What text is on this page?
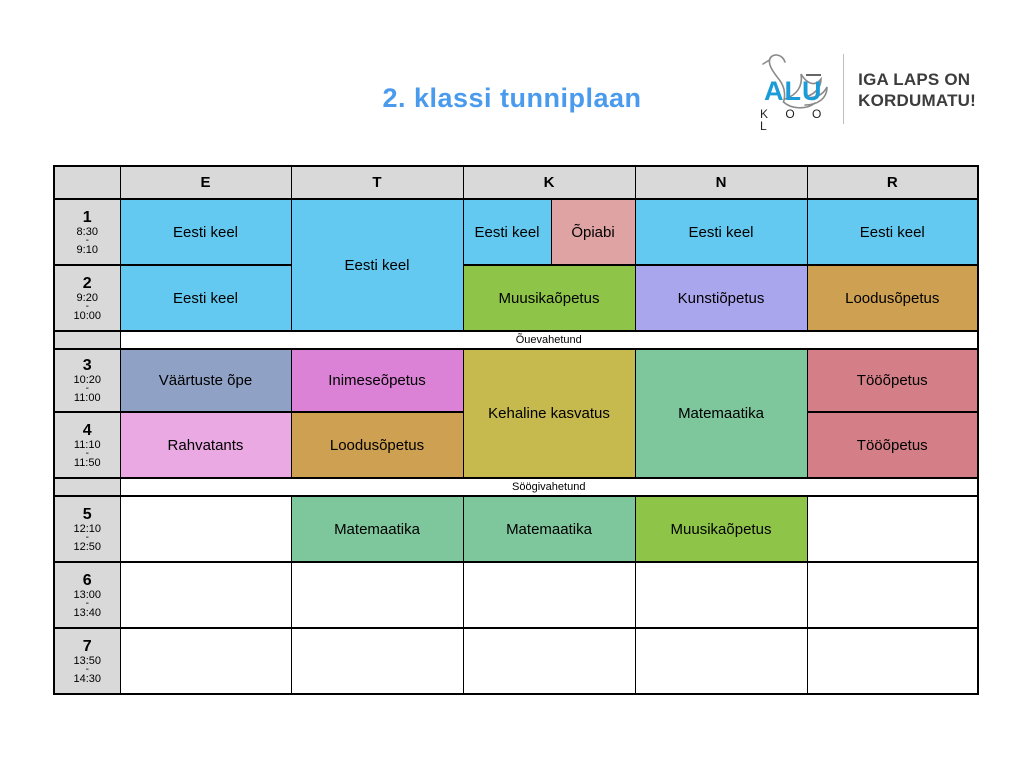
2. klassi tunniplaan	ALU
K O O L
IGA LAPS ON
KORDUMATU!
	E	T	K		N	R

1
8:30
-
9:10	Eesti keel	Eesti keel	Eesti keel	Õpiabi	Eesti keel	Eesti keel

2
9:20
-
10:00	Eesti keel		Muusikaõpetus		Kunstiõpetus	Loodusõpetus
	Õuevahetund					

3
10:20
-
11:00	Väärtuste õpe	Inimeseõpetus	Kehaline kasvatus		Matemaatika	Tööõpetus

4
11:10
-
11:50	Rahvatants	Loodusõpetus				Tööõpetus
	Söögivahetund					

5
12:10
-
12:50		Matemaatika	Matemaatika		Muusikaõpetus	

6
13:00
-
13:40						

7
13:50
-
14:30						
